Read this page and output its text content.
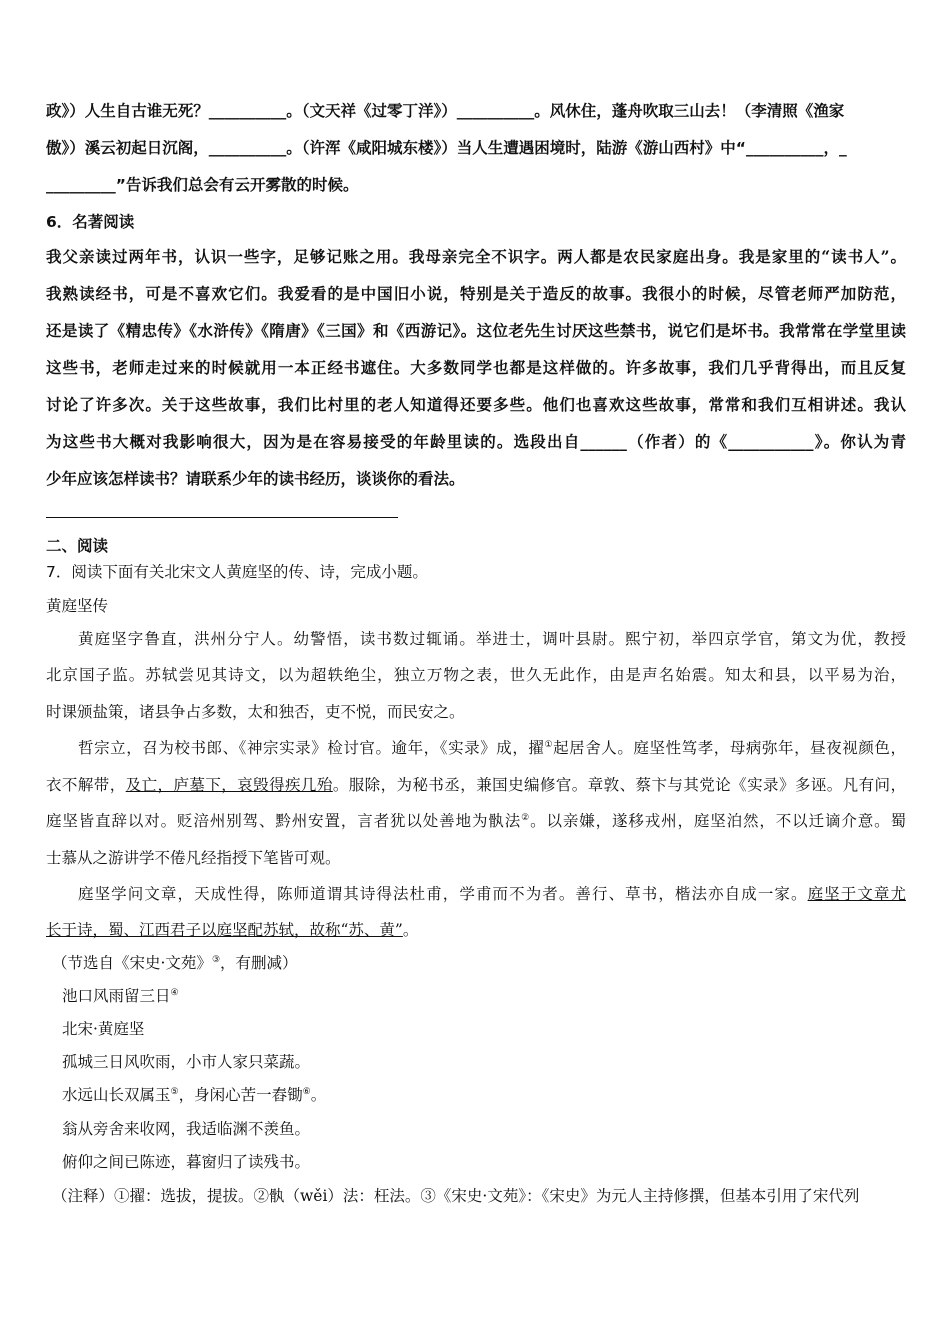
政》）人生自古谁无死？__________。（文天祥《过零丁洋》）__________。风休住，蓬舟吹取三山去！（李清照《渔家
傲》）溪云初起日沉阁，__________。（许浑《咸阳城东楼》）当人生遭遇困境时，陆游《游山西村》中“__________，_
_________”告诉我们总会有云开雾散的时候。
6．名著阅读
我父亲读过两年书，认识一些字，足够记账之用。我母亲完全不识字。两人都是农民家庭出身。我是家里的“读书人”。
我熟读经书，可是不喜欢它们。我爱看的是中国旧小说，特别是关于造反的故事。我很小的时候，尽管老师严加防范，
还是读了《精忠传》《水浒传》《隋唐》《三国》和《西游记》。这位老先生讨厌这些禁书，说它们是坏书。我常常在学堂里读
这些书，老师走过来的时候就用一本正经书遮住。大多数同学也都是这样做的。许多故事，我们几乎背得出，而且反复
讨论了许多次。关于这些故事，我们比村里的老人知道得还要多些。他们也喜欢这些故事，常常和我们互相讲述。我认
为这些书大概对我影响很大，因为是在容易接受的年龄里读的。选段出自______（作者）的《___________》。你认为青
少年应该怎样读书？请联系少年的读书经历，谈谈你的看法。
二、阅读
7．阅读下面有关北宋文人黄庭坚的传、诗，完成小题。
黄庭坚传
黄庭坚字鲁直，洪州分宁人。幼警悟，读书数过辄诵。举进士，调叶县尉。熙宁初，举四京学官，第文为优，教授
北京国子监。苏轼尝见其诗文，以为超轶绝尘，独立万物之表，世久无此作，由是声名始震。知太和县，以平易为治，
时课颁盐策，诸县争占多数，太和独否，吏不悦，而民安之。
哲宗立，召为校书郎、《神宗实录》检讨官。逾年，《实录》成，擢①起居舍人。庭坚性笃孝，母病弥年，昼夜视颜色，
衣不解带，及亡，庐墓下，哀毁得疾几殆。服除，为秘书丞，兼国史编修官。章敦、蔡卞与其党论《实录》多诬。凡有问，
庭坚皆直辞以对。贬涪州别驾、黔州安置，言者犹以处善地为骫法②。以亲嫌，遂移戎州，庭坚泊然，不以迁谪介意。蜀
士慕从之游讲学不倦凡经指授下笔皆可观。
庭坚学问文章，天成性得，陈师道谓其诗得法杜甫，学甫而不为者。善行、草书，楷法亦自成一家。庭坚于文章尤
长于诗，蜀、江西君子以庭坚配苏轼，故称“苏、黄”。
（节选自《宋史·文苑》③，有删减）
池口风雨留三日④
北宋·黄庭坚
孤城三日风吹雨，小市人家只菜蔬。
水远山长双属玉⑤，身闲心苦一舂锄⑥。
翁从旁舍来收网，我适临渊不羡鱼。
俯仰之间已陈迹，暮窗归了读残书。
（注释）①擢：选拔，提拔。②骫（wěi）法：枉法。③《宋史·文苑》：《宋史》为元人主持修撰，但基本引用了宋代列
